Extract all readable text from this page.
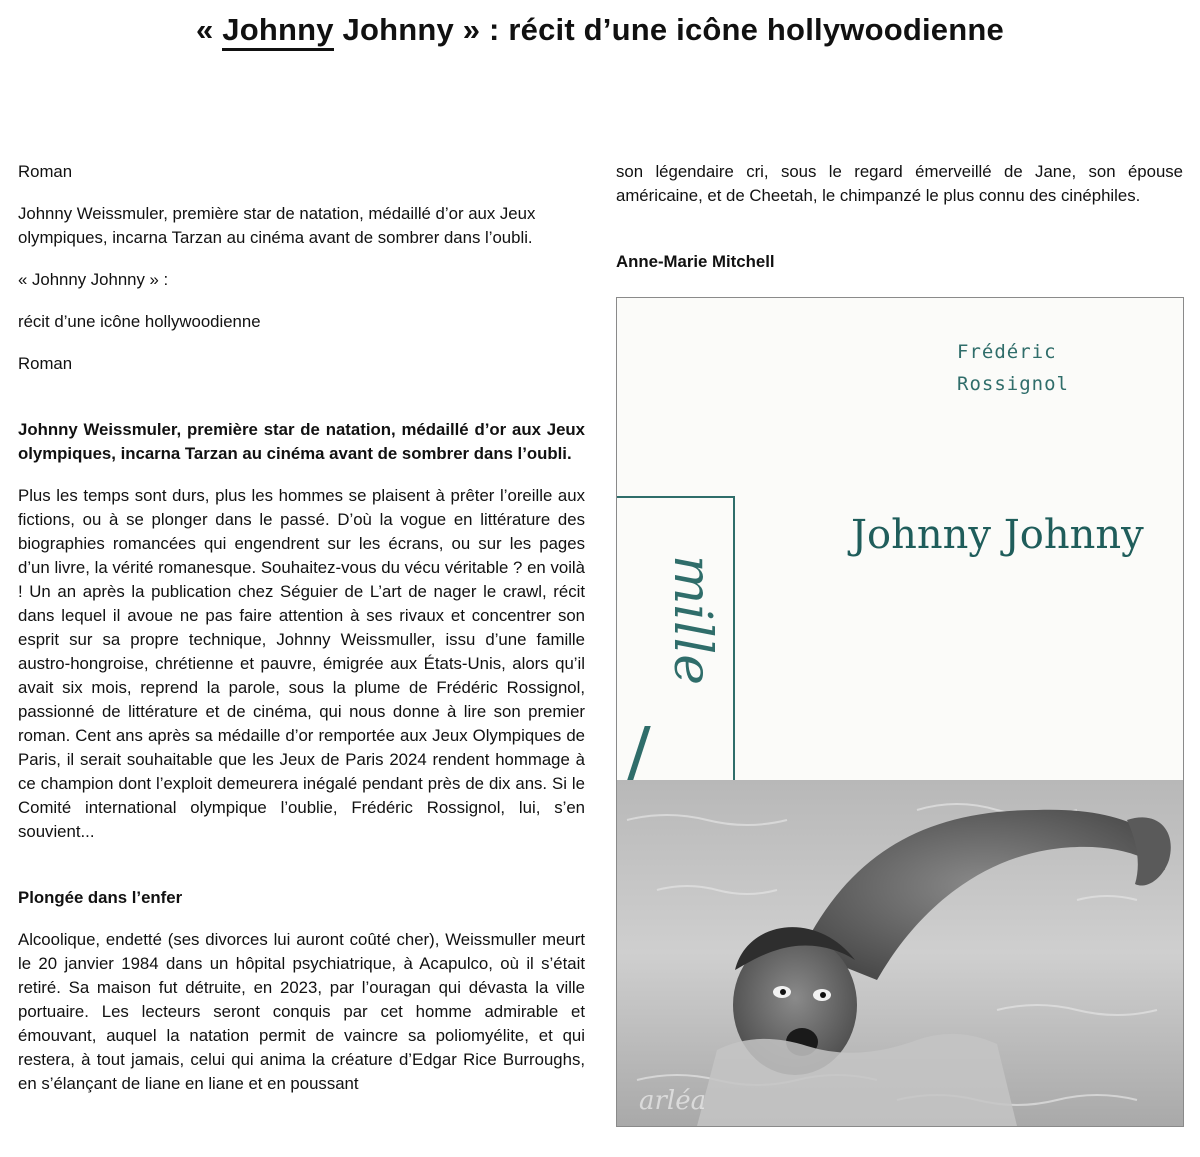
« Johnny Johnny » : récit d’une icône hollywoodienne

Roman

Johnny Weissmuler, première star de natation, médaillé d’or aux Jeux olympiques, incarna Tarzan au cinéma avant de sombrer dans l’oubli.

« Johnny Johnny » :

récit d’une icône hollywoodienne

Roman

Johnny Weissmuler, première star de natation, médaillé d’or aux Jeux olympiques, incarna Tarzan au cinéma avant de sombrer dans l’oubli.

Plus les temps sont durs, plus les hommes se plaisent à prêter l’oreille aux fictions, ou à se plonger dans le passé. D’où la vogue en littérature des biographies romancées qui engendrent sur les écrans, ou sur les pages d’un livre, la vérité romanesque. Souhaitez-vous du vécu véritable ? en voilà ! Un an après la publication chez Séguier de L’art de nager le crawl, récit dans lequel il avoue ne pas faire attention à ses rivaux et concentrer son esprit sur sa propre technique, Johnny Weissmuller, issu d’une famille austro-hongroise, chrétienne et pauvre, émigrée aux États-Unis, alors qu’il avait six mois, reprend la parole, sous la plume de Frédéric Rossignol, passionné de littérature et de cinéma, qui nous donne à lire son premier roman. Cent ans après sa médaille d’or remportée aux Jeux Olympiques de Paris, il serait souhaitable que les Jeux de Paris 2024 rendent hommage à ce champion dont l’exploit demeurera inégalé pendant près de dix ans. Si le Comité international olympique l’oublie, Frédéric Rossignol, lui, s’en souvient...

Plongée dans l’enfer

Alcoolique, endetté (ses divorces lui auront coûté cher), Weissmuller meurt le 20 janvier 1984 dans un hôpital psychiatrique, à Acapulco, où il s’était retiré. Sa maison fut détruite, en 2023, par l’ouragan qui dévasta la ville portuaire. Les lecteurs seront conquis par cet homme admirable et émouvant, auquel la natation permit de vaincre sa poliomyélite, et qui restera, à tout jamais, celui qui anima la créature d’Edgar Rice Burroughs, en s’élançant de liane en liane et en poussant

son légendaire cri, sous le regard émerveillé de Jane, son épouse américaine, et de Cheetah, le chimpanzé le plus connu des cinéphiles.

Anne-Marie Mitchell

Frédéric
Rossignol
Johnny Johnny
mille
arléa
